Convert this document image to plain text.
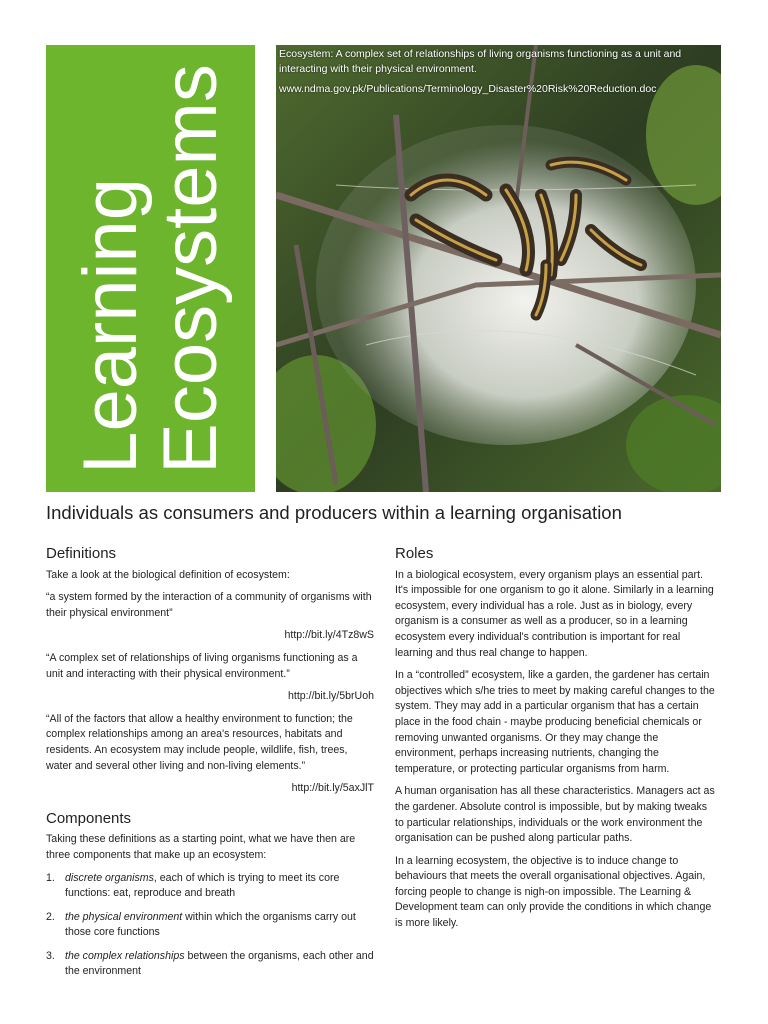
Learning
Ecosystems

Ecosystem: A complex set of relationships of living organisms functioning as a unit and interacting with their physical environment.

www.ndma.gov.pk/Publications/Terminology_Disaster%20Risk%20Reduction.doc

Individuals as consumers and producers within a learning organisation
Definitions

Take a look at the biological definition of ecosystem:

“a system formed by the interaction of a community of organisms with their physical environment”

http://bit.ly/4Tz8wS

“A complex set of relationships of living organisms functioning as a unit and interacting with their physical environment.”

http://bit.ly/5brUoh

“All of the factors that allow a healthy environment to function; the complex relationships among an area's resources, habitats and residents. An ecosystem may include people, wildlife, fish, trees, water and several other living and non-living elements.”

http://bit.ly/5axJlT

Components

Taking these definitions as a starting point, what we have then are three components that make up an ecosystem:

1. discrete organisms, each of which is trying to meet its core functions: eat, reproduce and breath
2. the physical environment within which the organisms carry out those core functions
3. the complex relationships between the organisms, each other and the environment
Roles

In a biological ecosystem, every organism plays an essential part. It's impossible for one organism to go it alone. Similarly in a learning ecosystem, every individual has a role. Just as in biology, every organism is a consumer as well as a producer, so in a learning ecosystem every individual's contribution is important for real learning and thus real change to happen.

In a “controlled” ecosystem, like a garden, the gardener has certain objectives which s/he tries to meet by making careful changes to the system. They may add in a particular organism that has a certain place in the food chain - maybe producing beneficial chemicals or removing unwanted organisms. Or they may change the environment, perhaps increasing nutrients, changing the temperature, or protecting particular organisms from harm.

A human organisation has all these characteristics. Managers act as the gardener. Absolute control is impossible, but by making tweaks to particular relationships, individuals or the work environment the organisation can be pushed along particular paths.

In a learning ecosystem, the objective is to induce change to behaviours that meets the overall organisational objectives. Again, forcing people to change is nigh-on impossible. The Learning & Development team can only provide the conditions in which change is more likely.
